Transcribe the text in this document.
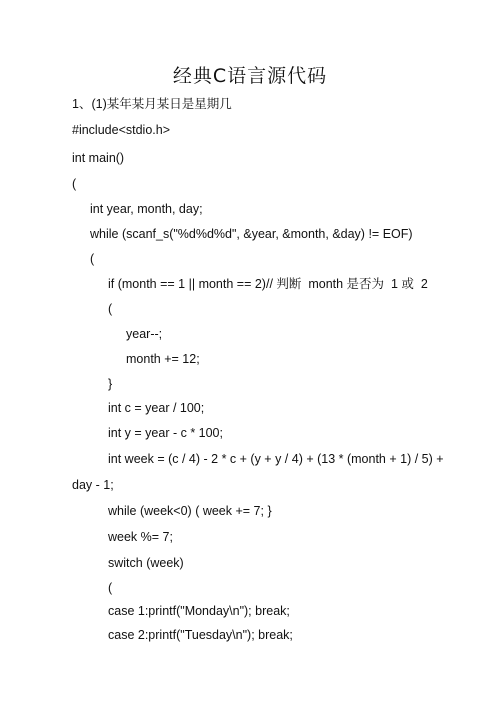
经典C语言源代码
1、(1)某年某月某日是星期几
#include<stdio.h>
int main()
(
int year, month, day;
while (scanf_s("%d%d%d", &year, &month, &day) != EOF)
(
if (month == 1 || month == 2)// 判断  month 是否为  1 或  2
(
year--;
month += 12;
}
int c = year / 100;
int y = year - c * 100;
int week = (c / 4) - 2 * c + (y + y / 4) + (13 * (month + 1) / 5) +
day - 1;
while (week<0) ( week += 7; }
week %= 7;
switch (week)
(
case 1:printf("Monday\n"); break;
case 2:printf("Tuesday\n"); break;
